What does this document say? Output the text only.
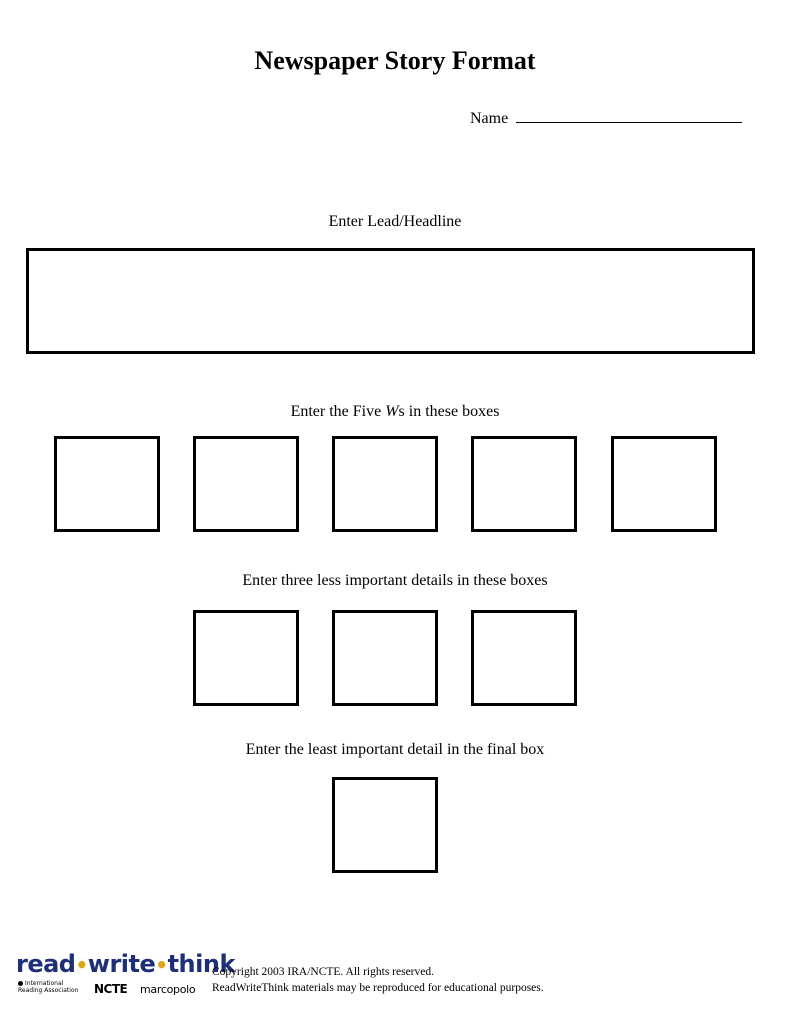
Newspaper Story Format
Name
Enter Lead/Headline
Enter the Five Ws in these boxes
Enter three less important details in these boxes
Enter the least important detail in the final box
read•write•think
International Reading Association	NCTE marcopolo
Copyright 2003 IRA/NCTE. All rights reserved.
ReadWriteThink materials may be reproduced for educational purposes.
